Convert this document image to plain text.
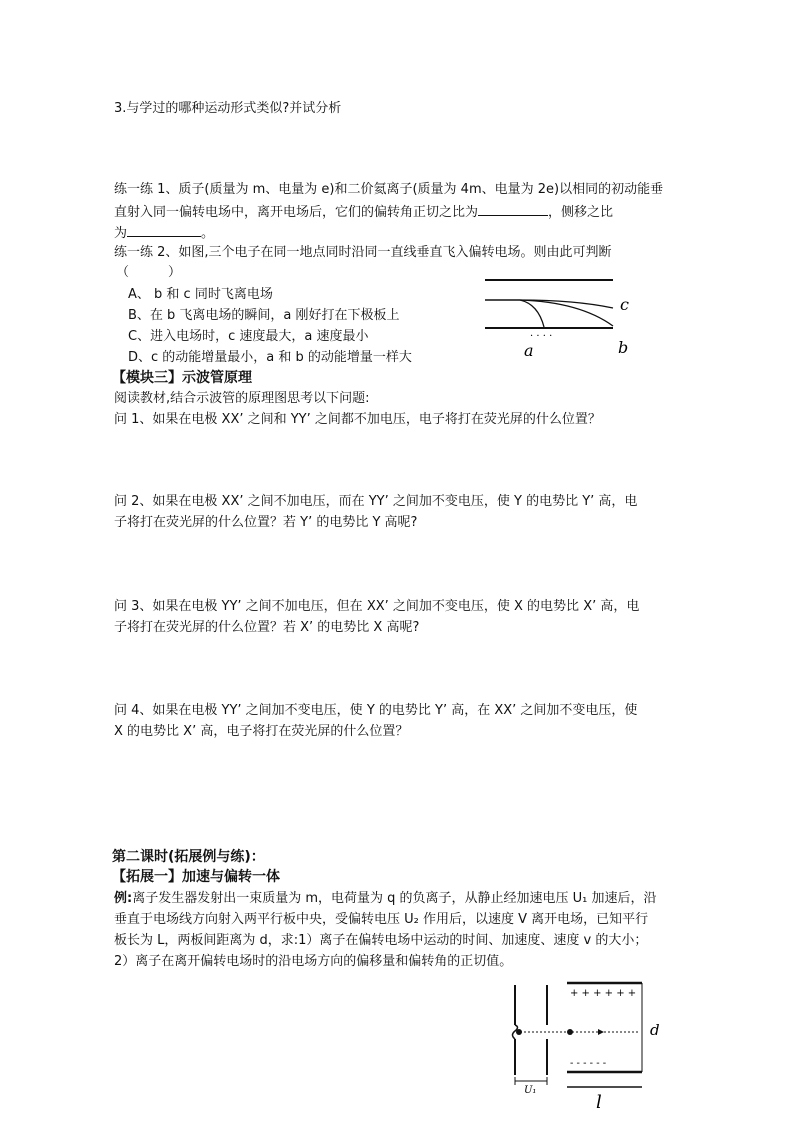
3.与学过的哪种运动形式类似?并试分析
练一练 1、质子(质量为 m、电量为 e)和二价氦离子(质量为 4m、电量为 2e)以相同的初动能垂
直射入同一偏转电场中，离开电场后，它们的偏转角正切之比为	，侧移之比
为	。
练一练 2、如图,三个电子在同一地点同时沿同一直线垂直飞入偏转电场。则由此可判断
（　　　）
A、 b 和 c 同时飞离电场
B、在 b 飞离电场的瞬间，a 刚好打在下极板上
C、进入电场时，c 速度最大，a 速度最小
D、c 的动能增量最小，a 和 b 的动能增量一样大
· · · ·
a	b
c
【模块三】示波管原理
阅读教材,结合示波管的原理图思考以下问题:
问 1、如果在电极 XX’ 之间和 YY’ 之间都不加电压，电子将打在荧光屏的什么位置？
问 2、如果在电极 XX’ 之间不加电压，而在 YY’ 之间加不变电压，使 Y 的电势比 Y’ 高，电
子将打在荧光屏的什么位置？若 Y’ 的电势比 Y 高呢?
问 3、如果在电极 YY’ 之间不加电压，但在 XX’ 之间加不变电压，使 X 的电势比 X’ 高，电
子将打在荧光屏的什么位置？若 X’ 的电势比 X 高呢?
问 4、如果在电极 YY’ 之间加不变电压，使 Y 的电势比 Y’ 高，在 XX’ 之间加不变电压，使
X 的电势比 X’ 高，电子将打在荧光屏的什么位置？
第二课时(拓展例与练)：
【拓展一】加速与偏转一体
例:离子发生器发射出一束质量为 m，电荷量为 q 的负离子，从静止经加速电压 U₁ 加速后，沿
垂直于电场线方向射入两平行板中央，受偏转电压 U₂ 作用后，以速度 V 离开电场，已知平行
板长为 L，两板间距离为 d，求:1）离子在偏转电场中运动的时间、加速度、速度 v 的大小；
2）离子在离开偏转电场时的沿电场方向的偏移量和偏转角的正切值。
+ + + + + +
- - - - - -
d
U₁
l
